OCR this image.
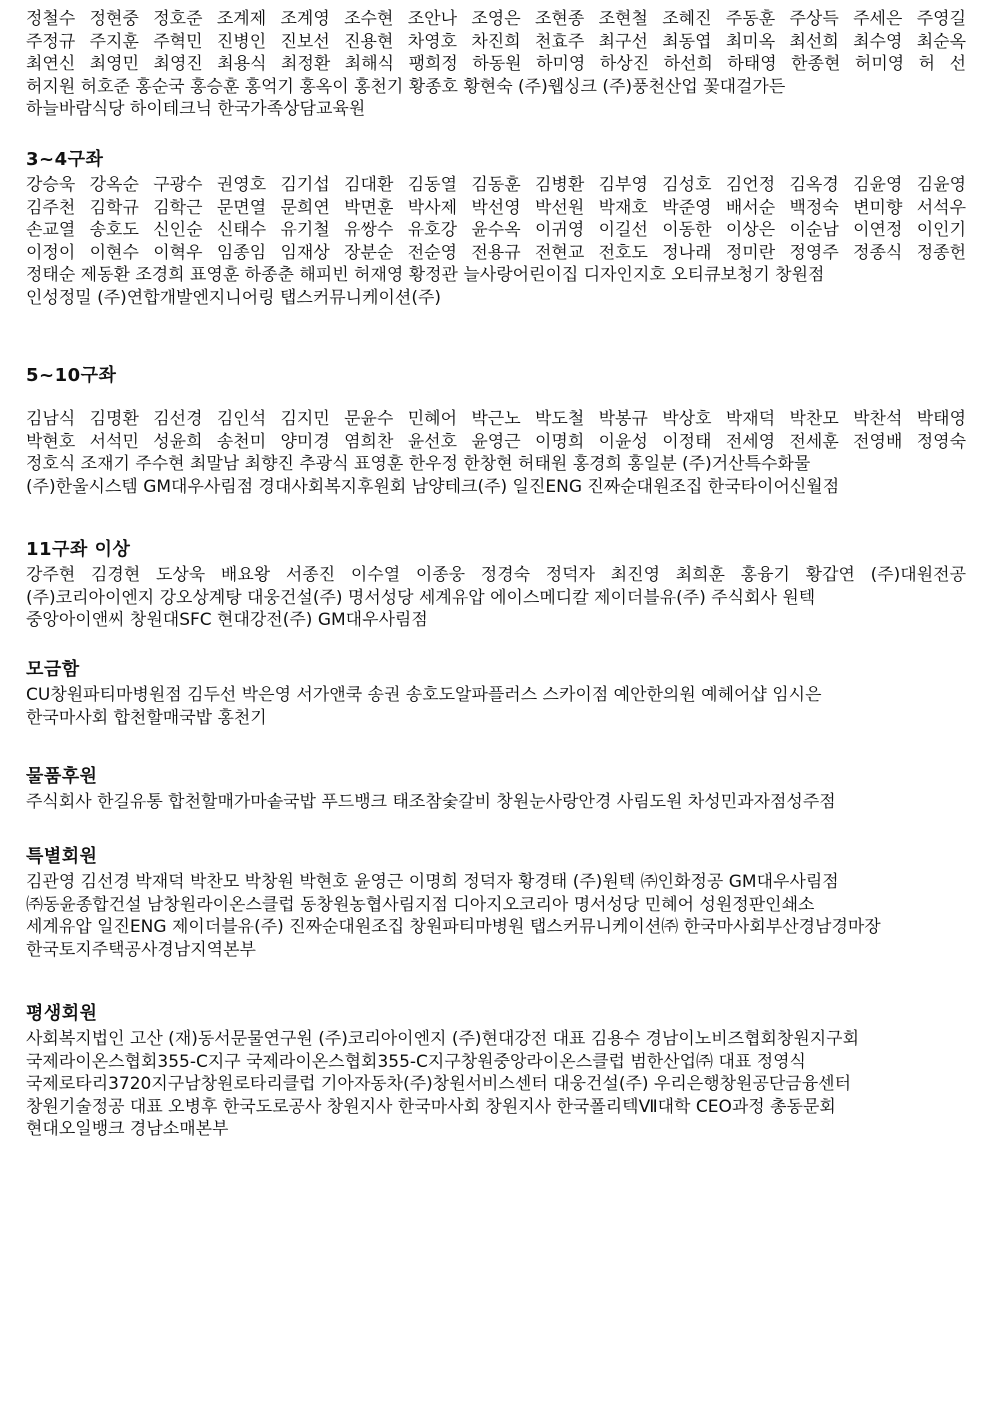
정철수 정현중 정호준 조계제 조계영 조수현 조안나 조영은 조현종 조현철 조혜진 주동훈 주상득 주세은 주영길
주정규 주지훈 주혁민 진병인 진보선 진용현 차영호 차진희 천효주 최구선 최동엽 최미옥 최선희 최수영 최순옥
최연신 최영민 최영진 최용식 최정환 최해식 팽희정 하동원 하미영 하상진 하선희 하태영 한종현 허미영 허 선
허지원 허호준 홍순국 홍승훈 홍억기 홍옥이 홍천기 황종호 황현숙 (주)웹싱크 (주)풍천산업 꽃대걸가든
하늘바람식당 하이테크닉 한국가족상담교육원
3~4구좌
강승욱 강옥순 구광수 권영호 김기섭 김대환 김동열 김동훈 김병환 김부영 김성호 김언정 김옥경 김윤영 김윤영
김주천 김학규 김학근 문면열 문희연 박면훈 박사제 박선영 박선원 박재호 박준영 배서순 백정숙 변미향 서석우
손교열 송호도 신인순 신태수 유기철 유쌍수 유호강 윤수옥 이귀영 이길선 이동한 이상은 이순남 이연정 이인기
이정이 이현수 이혁우 임종임 임재상 장분순 전순영 전용규 전현교 전호도 정나래 정미란 정영주 정종식 정종헌
정태순 제동환 조경희 표영훈 하종춘 해피빈 허재영 황정관 늘사랑어린이집 디자인지호 오티큐보청기 창원점
인성정밀 (주)연합개발엔지니어링 탭스커뮤니케이션(주)
5~10구좌
김남식 김명환 김선경 김인석 김지민 문윤수 민혜어 박근노 박도철 박봉규 박상호 박재덕 박찬모 박찬석 박태영
박현호 서석민 성윤희 송천미 양미경 염희찬 윤선호 윤영근 이명희 이윤성 이정태 전세영 전세훈 전영배 정영숙
정호식 조재기 주수현 최말남 최향진 추광식 표영훈 한우정 한창현 허태원 홍경희 홍일분 (주)거산특수화물
(주)한울시스템 GM대우사림점 경대사회복지후원회 남양테크(주) 일진ENG 진짜순대원조집 한국타이어신월점
11구좌 이상
강주현 김경현 도상욱 배요왕 서종진 이수열 이종웅 정경숙 정덕자 최진영 최희훈 홍융기 황갑연 (주)대원전공
(주)코리아이엔지 강오상계탕 대웅건설(주) 명서성당 세계유압 에이스메디칼 제이더블유(주) 주식회사 원텍
중앙아이앤씨 창원대SFC 현대강전(주) GM대우사림점
모금함
CU창원파티마병원점 김두선 박은영 서가앤쿡 송권 송호도알파플러스 스카이점 예안한의원 예헤어샵 임시은
한국마사회 합천할매국밥 홍천기
물품후원
주식회사 한길유통 합천할매가마솥국밥 푸드뱅크 태조참숯갈비 창원눈사랑안경 사림도원 차성민과자점성주점
특별회원
김관영 김선경 박재덕 박찬모 박창원 박현호 윤영근 이명희 정덕자 황경태 (주)원텍 ㈜인화정공 GM대우사림점
㈜동윤종합건설 남창원라이온스클럽 동창원농협사림지점 디아지오코리아 명서성당 민혜어 성원정판인쇄소
세계유압 일진ENG 제이더블유(주) 진짜순대원조집 창원파티마병원 탭스커뮤니케이션㈜ 한국마사회부산경남경마장
한국토지주택공사경남지역본부
평생회원
사회복지법인 고산 (재)동서문물연구원 (주)코리아이엔지 (주)현대강전 대표 김용수 경남이노비즈협회창원지구회
국제라이온스협회355-C지구 국제라이온스협회355-C지구창원중앙라이온스클럽 범한산업㈜ 대표 정영식
국제로타리3720지구남창원로타리클럽 기아자동차(주)창원서비스센터 대웅건설(주) 우리은행창원공단금융센터
창원기술정공 대표 오병후 한국도로공사 창원지사 한국마사회 창원지사 한국폴리텍Ⅶ대학 CEO과정 총동문회
현대오일뱅크 경남소매본부
